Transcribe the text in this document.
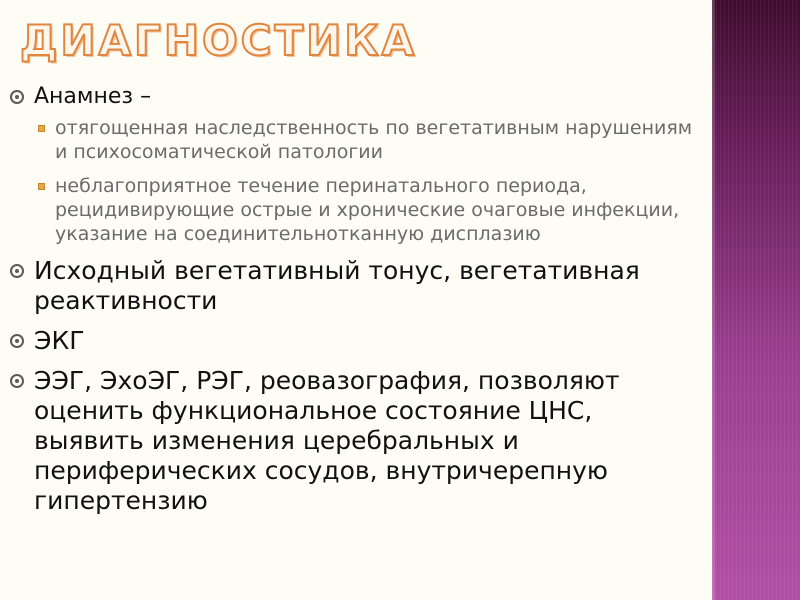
ДИАГНОСТИКА
Анамнез –
отягощенная наследственность по вегетативным нарушениям и психосоматической патологии
неблагоприятное течение перинатального периода, рецидивирующие острые и хронические очаговые инфекции, указание на соединительнотканную дисплазию
Исходный вегетативный тонус, вегетативная реактивности
ЭКГ
ЭЭГ, ЭхоЭГ, РЭГ, реовазография, позволяют оценить функциональное состояние ЦНС, выявить изменения церебральных и периферических сосудов, внутричерепную гипертензию
